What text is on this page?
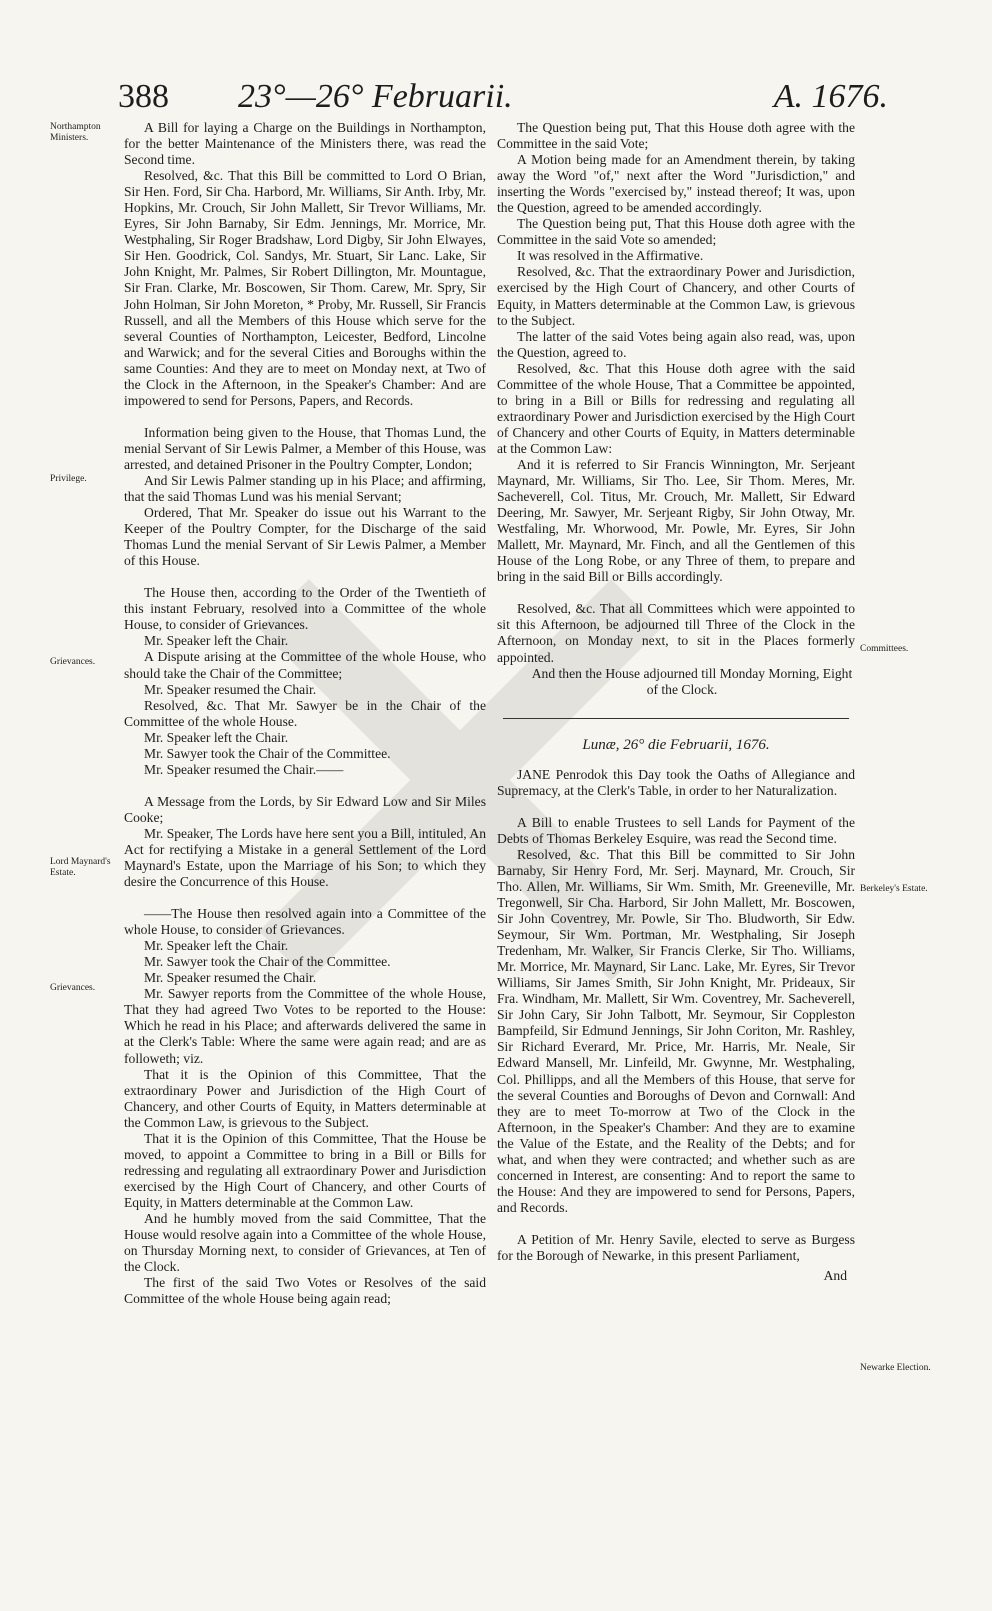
388 23°—26° Februarii.	A. 1676.
Northampton Ministers.
Privilege.
Grievances.
Lord Maynard's Estate.
Grievances.
Committees.
Berkeley's Estate.
Newarke Election.

A Bill for laying a Charge on the Buildings in Northampton, for the better Maintenance of the Ministers there, was read the Second time.

Resolved, &c. That this Bill be committed to Lord O Brian, Sir Hen. Ford, Sir Cha. Harbord, Mr. Williams, Sir Anth. Irby, Mr. Hopkins, Mr. Crouch, Sir John Mallett, Sir Trevor Williams, Mr. Eyres, Sir John Barnaby, Sir Edm. Jennings, Mr. Morrice, Mr. Westphaling, Sir Roger Bradshaw, Lord Digby, Sir John Elwayes, Sir Hen. Goodrick, Col. Sandys, Mr. Stuart, Sir Lanc. Lake, Sir John Knight, Mr. Palmes, Sir Robert Dillington, Mr. Mountague, Sir Fran. Clarke, Mr. Boscowen, Sir Thom. Carew, Mr. Spry, Sir John Holman, Sir John Moreton, * Proby, Mr. Russell, Sir Francis Russell, and all the Members of this House which serve for the several Counties of Northampton, Leicester, Bedford, Lincolne and Warwick; and for the several Cities and Boroughs within the same Counties: And they are to meet on Monday next, at Two of the Clock in the Afternoon, in the Speaker's Chamber: And are impowered to send for Persons, Papers, and Records.

Information being given to the House, that Thomas Lund, the menial Servant of Sir Lewis Palmer, a Member of this House, was arrested, and detained Prisoner in the Poultry Compter, London;

And Sir Lewis Palmer standing up in his Place; and affirming, that the said Thomas Lund was his menial Servant;

Ordered, That Mr. Speaker do issue out his Warrant to the Keeper of the Poultry Compter, for the Discharge of the said Thomas Lund the menial Servant of Sir Lewis Palmer, a Member of this House.

The House then, according to the Order of the Twentieth of this instant February, resolved into a Committee of the whole House, to consider of Grievances.

Mr. Speaker left the Chair.

A Dispute arising at the Committee of the whole House, who should take the Chair of the Committee;

Mr. Speaker resumed the Chair.

Resolved, &c. That Mr. Sawyer be in the Chair of the Committee of the whole House.

Mr. Speaker left the Chair.

Mr. Sawyer took the Chair of the Committee.

Mr. Speaker resumed the Chair.——

A Message from the Lords, by Sir Edward Low and Sir Miles Cooke;

Mr. Speaker, The Lords have here sent you a Bill, intituled, An Act for rectifying a Mistake in a general Settlement of the Lord Maynard's Estate, upon the Marriage of his Son; to which they desire the Concurrence of this House.

——The House then resolved again into a Committee of the whole House, to consider of Grievances.

Mr. Speaker left the Chair.

Mr. Sawyer took the Chair of the Committee.

Mr. Speaker resumed the Chair.

Mr. Sawyer reports from the Committee of the whole House, That they had agreed Two Votes to be reported to the House: Which he read in his Place; and afterwards delivered the same in at the Clerk's Table: Where the same were again read; and are as followeth; viz.

That it is the Opinion of this Committee, That the extraordinary Power and Jurisdiction of the High Court of Chancery, and other Courts of Equity, in Matters determinable at the Common Law, is grievous to the Subject.

That it is the Opinion of this Committee, That the House be moved, to appoint a Committee to bring in a Bill or Bills for redressing and regulating all extraordinary Power and Jurisdiction exercised by the High Court of Chancery, and other Courts of Equity, in Matters determinable at the Common Law.

And he humbly moved from the said Committee, That the House would resolve again into a Committee of the whole House, on Thursday Morning next, to consider of Grievances, at Ten of the Clock.

The first of the said Two Votes or Resolves of the said Committee of the whole House being again read;

The Question being put, That this House doth agree with the Committee in the said Vote;

A Motion being made for an Amendment therein, by taking away the Word "of," next after the Word "Jurisdiction," and inserting the Words "exercised by," instead thereof; It was, upon the Question, agreed to be amended accordingly.

The Question being put, That this House doth agree with the Committee in the said Vote so amended;

It was resolved in the Affirmative.

Resolved, &c. That the extraordinary Power and Jurisdiction, exercised by the High Court of Chancery, and other Courts of Equity, in Matters determinable at the Common Law, is grievous to the Subject.

The latter of the said Votes being again also read, was, upon the Question, agreed to.

Resolved, &c. That this House doth agree with the said Committee of the whole House, That a Committee be appointed, to bring in a Bill or Bills for redressing and regulating all extraordinary Power and Jurisdiction exercised by the High Court of Chancery and other Courts of Equity, in Matters determinable at the Common Law:

And it is referred to Sir Francis Winnington, Mr. Serjeant Maynard, Mr. Williams, Sir Tho. Lee, Sir Thom. Meres, Mr. Sacheverell, Col. Titus, Mr. Crouch, Mr. Mallett, Sir Edward Deering, Mr. Sawyer, Mr. Serjeant Rigby, Sir John Otway, Mr. Westfaling, Mr. Whorwood, Mr. Powle, Mr. Eyres, Sir John Mallett, Mr. Maynard, Mr. Finch, and all the Gentlemen of this House of the Long Robe, or any Three of them, to prepare and bring in the said Bill or Bills accordingly.

Resolved, &c. That all Committees which were appointed to sit this Afternoon, be adjourned till Three of the Clock in the Afternoon, on Monday next, to sit in the Places formerly appointed.

And then the House adjourned till Monday Morning, Eight of the Clock.

Lunæ, 26° die Februarii, 1676.

JANE Penrodok this Day took the Oaths of Allegiance and Supremacy, at the Clerk's Table, in order to her Naturalization.

A Bill to enable Trustees to sell Lands for Payment of the Debts of Thomas Berkeley Esquire, was read the Second time.

Resolved, &c. That this Bill be committed to Sir John Barnaby, Sir Henry Ford, Mr. Serj. Maynard, Mr. Crouch, Sir Tho. Allen, Mr. Williams, Sir Wm. Smith, Mr. Greeneville, Mr. Tregonwell, Sir Cha. Harbord, Sir John Mallett, Mr. Boscowen, Sir John Coventrey, Mr. Powle, Sir Tho. Bludworth, Sir Edw. Seymour, Sir Wm. Portman, Mr. Westphaling, Sir Joseph Tredenham, Mr. Walker, Sir Francis Clerke, Sir Tho. Williams, Mr. Morrice, Mr. Maynard, Sir Lanc. Lake, Mr. Eyres, Sir Trevor Williams, Sir James Smith, Sir John Knight, Mr. Prideaux, Sir Fra. Windham, Mr. Mallett, Sir Wm. Coventrey, Mr. Sacheverell, Sir John Cary, Sir John Talbott, Mr. Seymour, Sir Coppleston Bampfeild, Sir Edmund Jennings, Sir John Coriton, Mr. Rashley, Sir Richard Everard, Mr. Price, Mr. Harris, Mr. Neale, Sir Edward Mansell, Mr. Linfeild, Mr. Gwynne, Mr. Westphaling, Col. Phillipps, and all the Members of this House, that serve for the several Counties and Boroughs of Devon and Cornwall: And they are to meet To-morrow at Two of the Clock in the Afternoon, in the Speaker's Chamber: And they are to examine the Value of the Estate, and the Reality of the Debts; and for what, and when they were contracted; and whether such as are concerned in Interest, are consenting: And to report the same to the House: And they are impowered to send for Persons, Papers, and Records.

A Petition of Mr. Henry Savile, elected to serve as Burgess for the Borough of Newarke, in this present Parliament,

And
